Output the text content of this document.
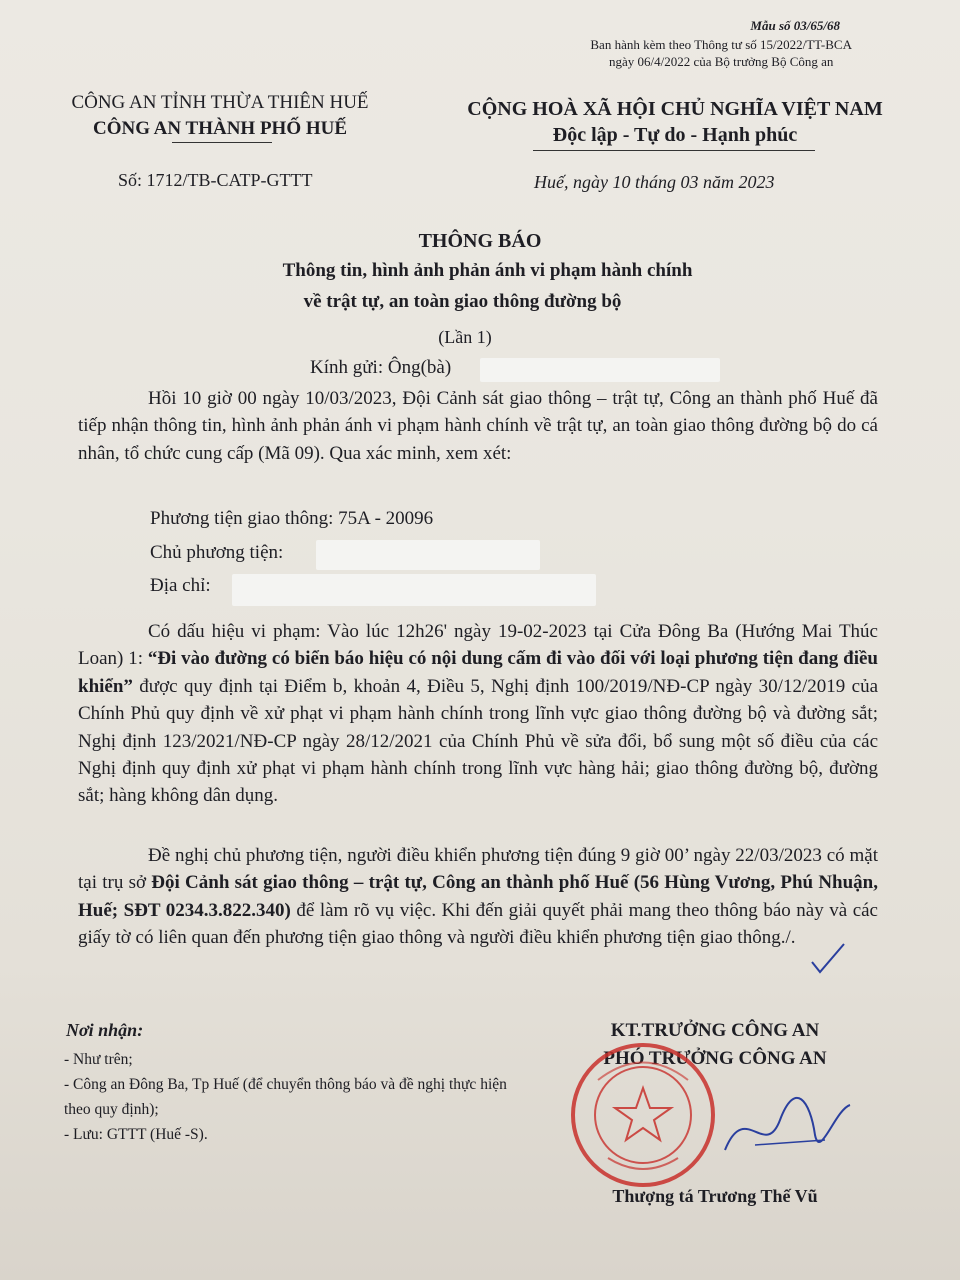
Mẫu số 03/65/68
Ban hành kèm theo Thông tư số 15/2022/TT-BCA
ngày 06/4/2022 của Bộ trưởng Bộ Công an
CÔNG AN TỈNH THỪA THIÊN HUẾ
CÔNG AN THÀNH PHỐ HUẾ
CỘNG HOÀ XÃ HỘI CHỦ NGHĨA VIỆT NAM
Độc lập - Tự do - Hạnh phúc
Số: 1712/TB-CATP-GTTT	Huế, ngày 10 tháng 03 năm 2023
THÔNG BÁO
Thông tin, hình ảnh phản ánh vi phạm hành chính
về trật tự, an toàn giao thông đường bộ
(Lần 1)
Kính gửi: Ông(bà)
Hồi 10 giờ 00 ngày 10/03/2023, Đội Cảnh sát giao thông – trật tự, Công an thành phố Huế đã tiếp nhận thông tin, hình ảnh phản ánh vi phạm hành chính về trật tự, an toàn giao thông đường bộ do cá nhân, tổ chức cung cấp (Mã 09). Qua xác minh, xem xét:
Phương tiện giao thông: 75A - 20096
Chủ phương tiện:
Địa chỉ:
Có dấu hiệu vi phạm: Vào lúc 12h26' ngày 19-02-2023 tại Cửa Đông Ba (Hướng Mai Thúc Loan) 1: “Đi vào đường có biển báo hiệu có nội dung cấm đi vào đối với loại phương tiện đang điều khiển” được quy định tại Điểm b, khoản 4, Điều 5, Nghị định 100/2019/NĐ-CP ngày 30/12/2019 của Chính Phủ quy định về xử phạt vi phạm hành chính trong lĩnh vực giao thông đường bộ và đường sắt; Nghị định 123/2021/NĐ-CP ngày 28/12/2021 của Chính Phủ về sửa đổi, bổ sung một số điều của các Nghị định quy định xử phạt vi phạm hành chính trong lĩnh vực hàng hải; giao thông đường bộ, đường sắt; hàng không dân dụng.
Đề nghị chủ phương tiện, người điều khiển phương tiện đúng 9 giờ 00’ ngày 22/03/2023 có mặt tại trụ sở Đội Cảnh sát giao thông – trật tự, Công an thành phố Huế (56 Hùng Vương, Phú Nhuận, Huế; SĐT 0234.3.822.340) để làm rõ vụ việc. Khi đến giải quyết phải mang theo thông báo này và các giấy tờ có liên quan đến phương tiện giao thông và người điều khiển phương tiện giao thông./.
Nơi nhận:
- Như trên;
- Công an Đông Ba, Tp Huế (để chuyển thông báo và đề nghị thực hiện theo quy định);
- Lưu: GTTT (Huế -S).
KT.TRƯỞNG CÔNG AN
PHÓ TRƯỞNG CÔNG AN
Thượng tá Trương Thế Vũ
